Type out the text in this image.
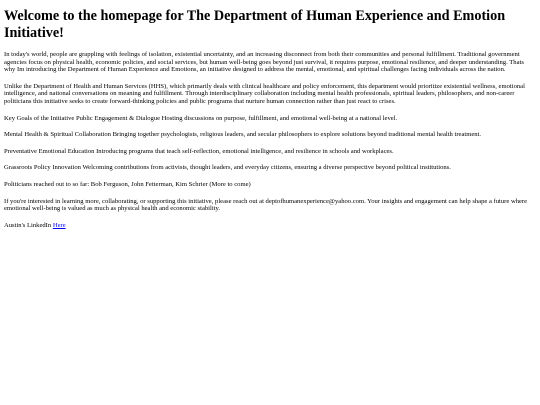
Welcome to the homepage for The Department of Human Experience and Emotion Initiative!

In today's world, people are grappling with feelings of isolation, existential uncertainty, and an increasing disconnect from both their communities and personal fulfillment. Traditional government agencies focus on physical health, economic policies, and social services, but human well-being goes beyond just survival, it requires purpose, emotional resilience, and deeper understanding. Thats why Im introducing the Department of Human Experience and Emotions, an initiative designed to address the mental, emotional, and spiritual challenges facing individuals across the nation.

Unlike the Department of Health and Human Services (HHS), which primarily deals with clinical healthcare and policy enforcement, this department would prioritize existential wellness, emotional intelligence, and national conversations on meaning and fulfillment. Through interdisciplinary collaboration including mental health professionals, spiritual leaders, philosophers, and non-career politicians this initiative seeks to create forward-thinking policies and public programs that nurture human connection rather than just react to crises.

Key Goals of the Initiative Public Engagement & Dialogue Hosting discussions on purpose, fulfillment, and emotional well-being at a national level.

Mental Health & Spiritual Collaboration Bringing together psychologists, religious leaders, and secular philosophers to explore solutions beyond traditional mental health treatment.

Preventative Emotional Education Introducing programs that teach self-reflection, emotional intelligence, and resilience in schools and workplaces.

Grassroots Policy Innovation Welcoming contributions from activists, thought leaders, and everyday citizens, ensuring a diverse perspective beyond political institutions.

Politicians reached out to so far: Bob Ferguson, John Fetterman, Kim Schrier (More to come)

If you're interested in learning more, collaborating, or supporting this initiative, please reach out at deptofhumanexperience@yahoo.com. Your insights and engagement can help shape a future where emotional well-being is valued as much as physical health and economic stability.

Austin's LinkedIn Here
